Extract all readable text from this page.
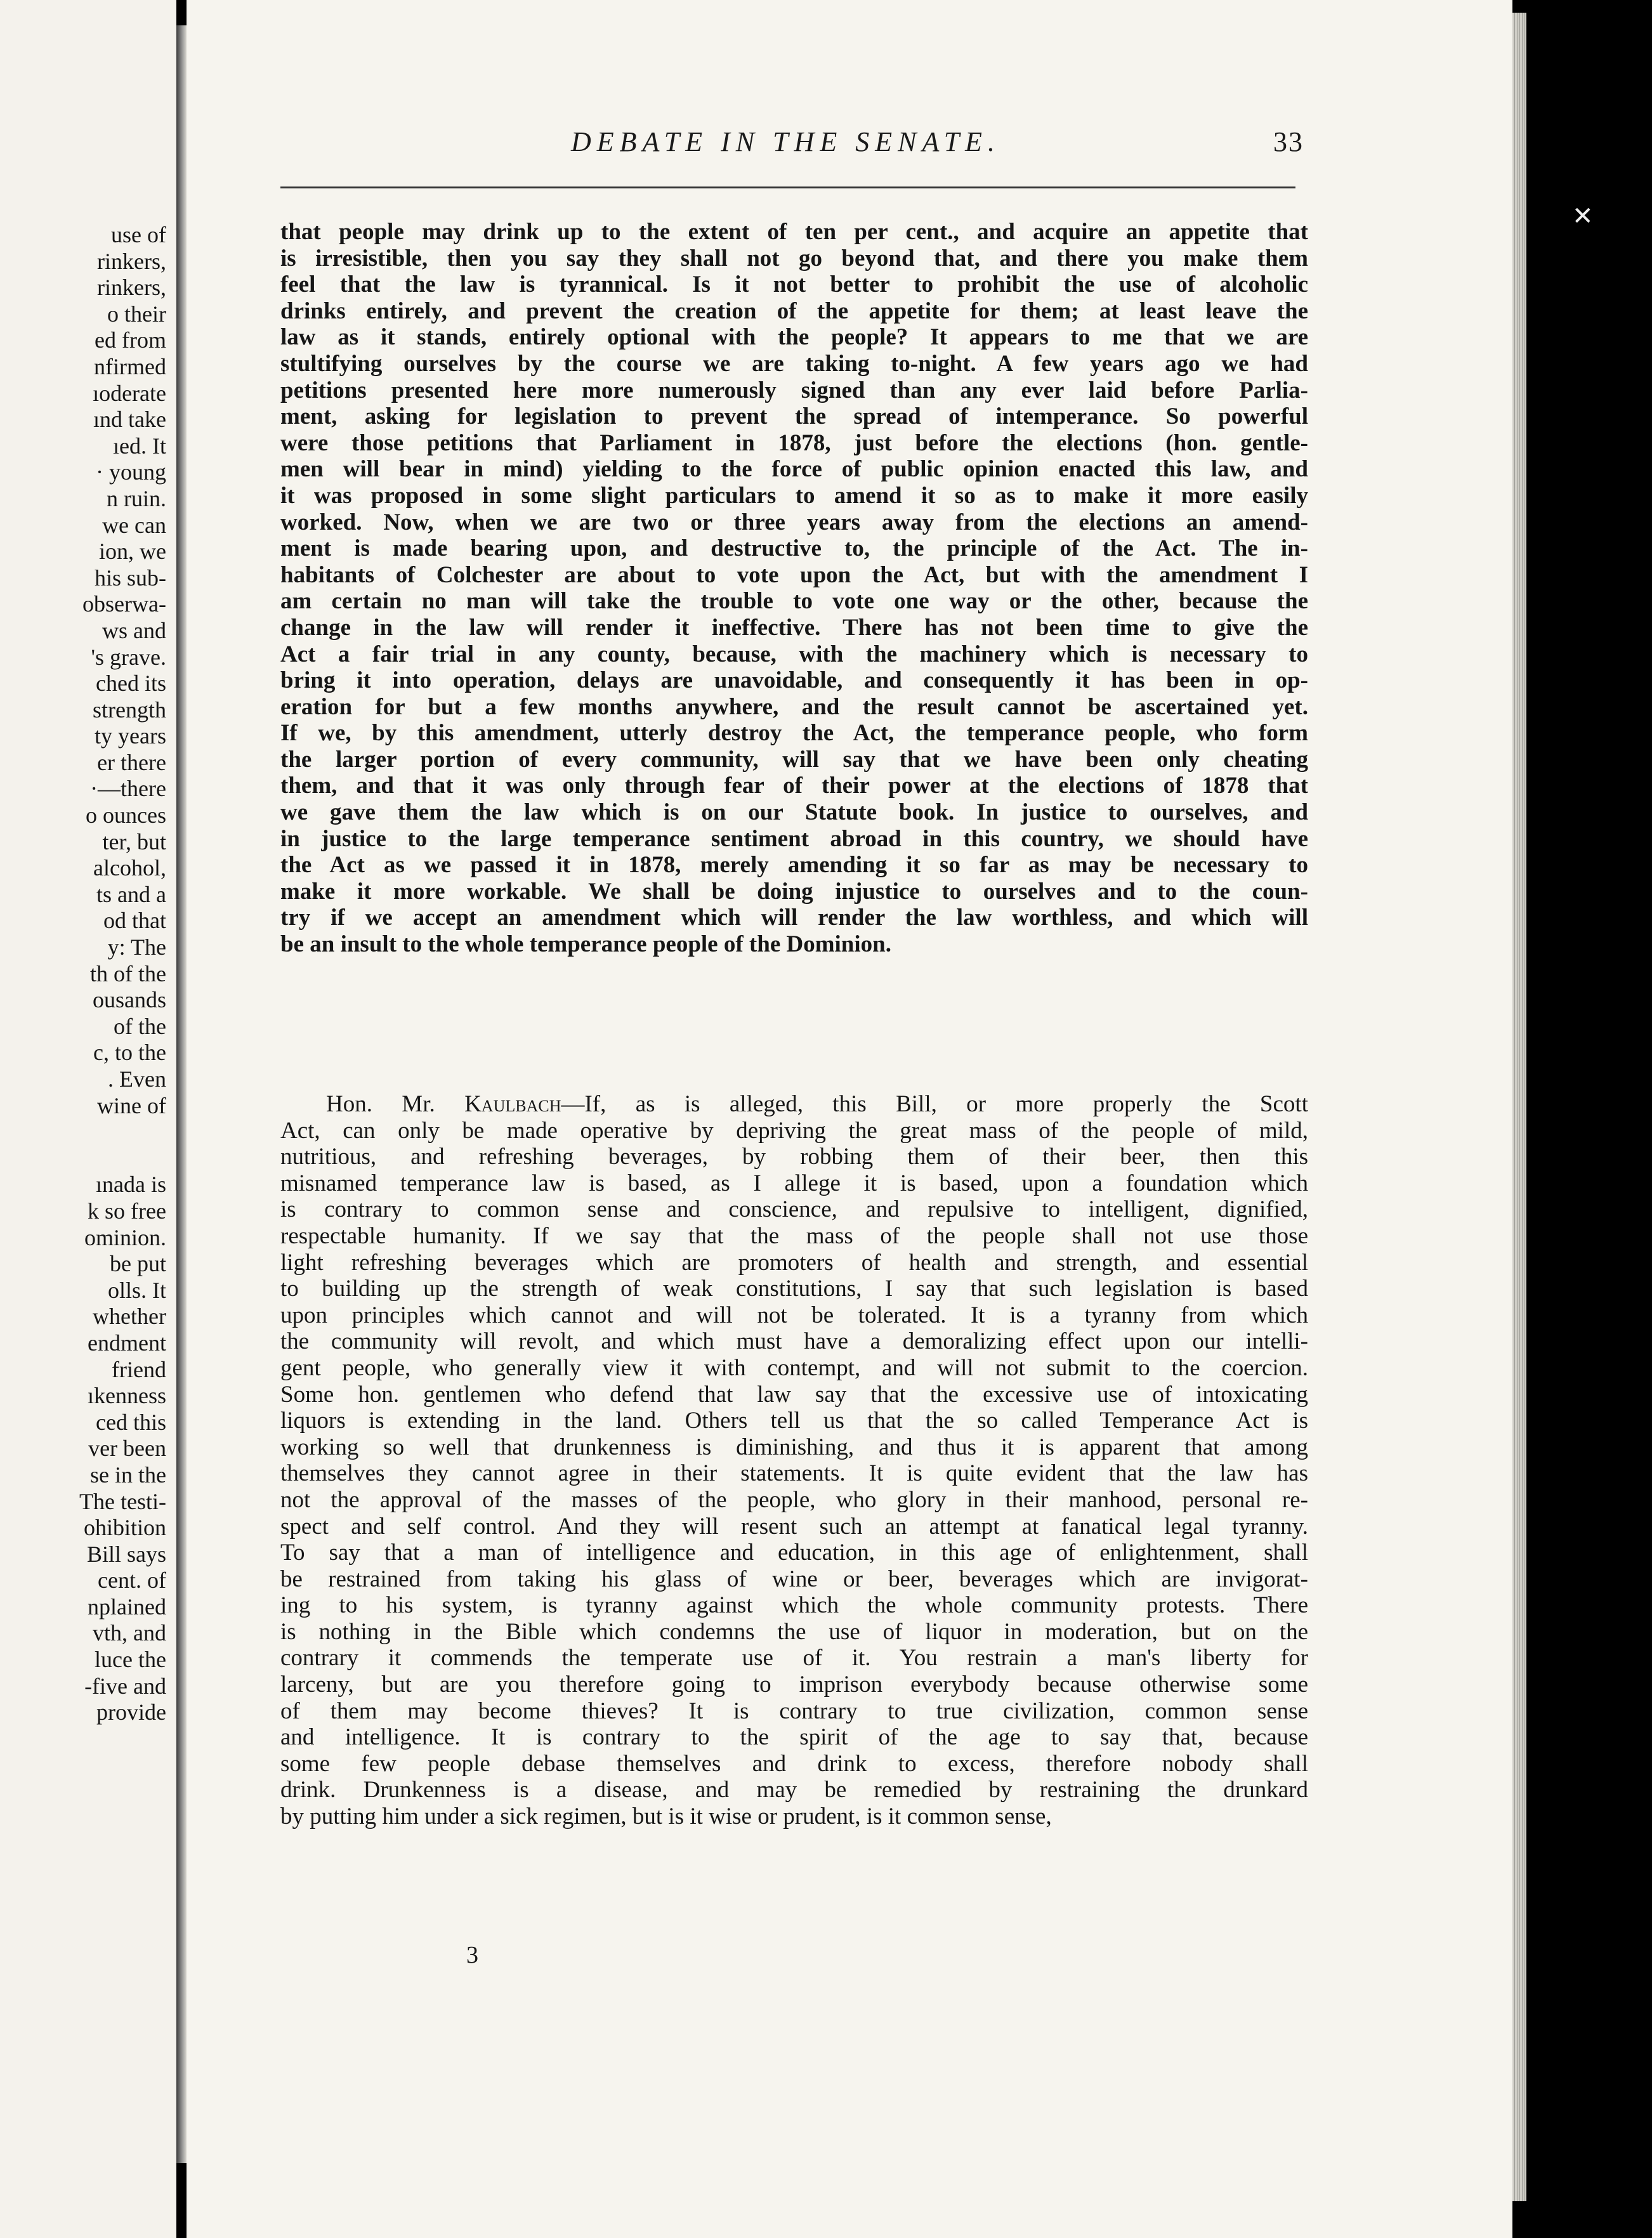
use of
rinkers,
rinkers,
o their
ed from
nfirmed
ıoderate
ınd take
ıed. It
· young
n ruin.
we can
ion, we
his sub-
obserwa-
ws and
's grave.
ched its
strength
ty years
er there
·—there
o ounces
ter, but
alcohol,
ts and a
od that
y: The
th of the
ousands
of the
c, to the
. Even
wine of

ınada is
k so free
ominion.
be put
olls. It
whether
endment
friend
ıkenness
ced this
ver been
se in the
The testi-
ohibition
Bill says
cent. of
nplained
vth, and
luce the
-five and
provide
✕
DEBATE IN THE SENATE.	33
that people may drink up to the extent of ten per cent., and acquire an appetite that
is irresistible, then you say they shall not go beyond that, and there you make them
feel that the law is tyrannical. Is it not better to prohibit the use of alcoholic
drinks entirely, and prevent the creation of the appetite for them; at least leave the
law as it stands, entirely optional with the people? It appears to me that we are
stultifying ourselves by the course we are taking to-night. A few years ago we had
petitions presented here more numerously signed than any ever laid before Parlia-
ment, asking for legislation to prevent the spread of intemperance. So powerful
were those petitions that Parliament in 1878, just before the elections (hon. gentle-
men will bear in mind) yielding to the force of public opinion enacted this law, and
it was proposed in some slight particulars to amend it so as to make it more easily
worked. Now, when we are two or three years away from the elections an amend-
ment is made bearing upon, and destructive to, the principle of the Act. The in-
habitants of Colchester are about to vote upon the Act, but with the amendment I
am certain no man will take the trouble to vote one way or the other, because the
change in the law will render it ineffective. There has not been time to give the
Act a fair trial in any county, because, with the machinery which is necessary to
bring it into operation, delays are unavoidable, and consequently it has been in op-
eration for but a few months anywhere, and the result cannot be ascertained yet.
If we, by this amendment, utterly destroy the Act, the temperance people, who form
the larger portion of every community, will say that we have been only cheating
them, and that it was only through fear of their power at the elections of 1878 that
we gave them the law which is on our Statute book. In justice to ourselves, and
in justice to the large temperance sentiment abroad in this country, we should have
the Act as we passed it in 1878, merely amending it so far as may be necessary to
make it more workable. We shall be doing injustice to ourselves and to the coun-
try if we accept an amendment which will render the law worthless, and which will
be an insult to the whole temperance people of the Dominion.
Hon. Mr. Kaulbach—If, as is alleged, this Bill, or more properly the Scott
Act, can only be made operative by depriving the great mass of the people of mild,
nutritious, and refreshing beverages, by robbing them of their beer, then this
misnamed temperance law is based, as I allege it is based, upon a foundation which
is contrary to common sense and conscience, and repulsive to intelligent, dignified,
respectable humanity. If we say that the mass of the people shall not use those
light refreshing beverages which are promoters of health and strength, and essential
to building up the strength of weak constitutions, I say that such legislation is based
upon principles which cannot and will not be tolerated. It is a tyranny from which
the community will revolt, and which must have a demoralizing effect upon our intelli-
gent people, who generally view it with contempt, and will not submit to the coercion.
Some hon. gentlemen who defend that law say that the excessive use of intoxicating
liquors is extending in the land. Others tell us that the so called Temperance Act is
working so well that drunkenness is diminishing, and thus it is apparent that among
themselves they cannot agree in their statements. It is quite evident that the law has
not the approval of the masses of the people, who glory in their manhood, personal re-
spect and self control. And they will resent such an attempt at fanatical legal tyranny.
To say that a man of intelligence and education, in this age of enlightenment, shall
be restrained from taking his glass of wine or beer, beverages which are invigorat-
ing to his system, is tyranny against which the whole community protests. There
is nothing in the Bible which condemns the use of liquor in moderation, but on the
contrary it commends the temperate use of it. You restrain a man's liberty for
larceny, but are you therefore going to imprison everybody because otherwise some
of them may become thieves? It is contrary to true civilization, common sense
and intelligence. It is contrary to the spirit of the age to say that, because
some few people debase themselves and drink to excess, therefore nobody shall
drink. Drunkenness is a disease, and may be remedied by restraining the drunkard
by putting him under a sick regimen, but is it wise or prudent, is it common sense,
3
